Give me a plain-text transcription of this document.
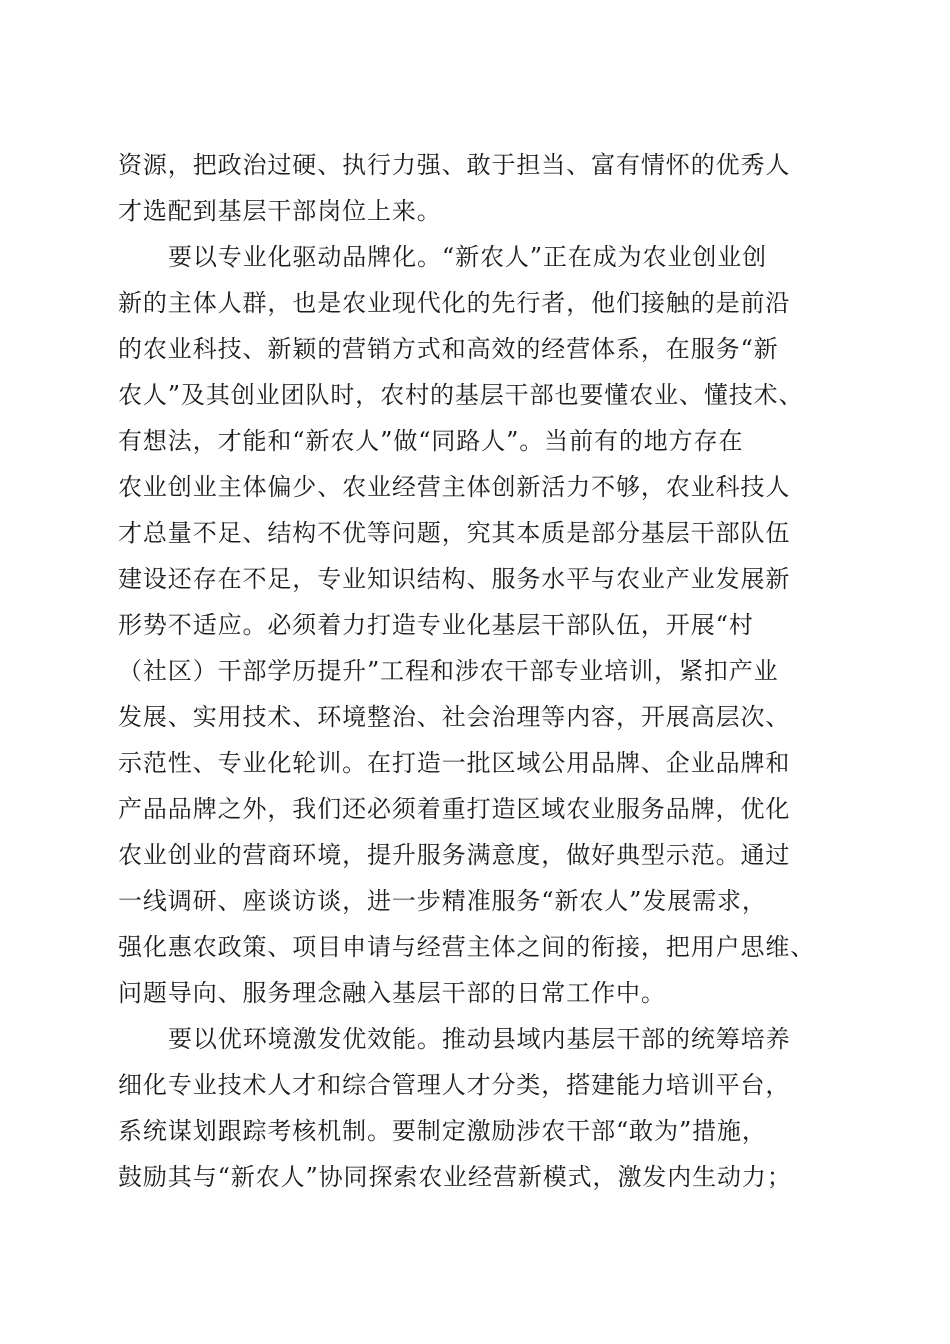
资源，把政治过硬、执行力强、敢于担当、富有情怀的优秀人
才选配到基层干部岗位上来。
要以专业化驱动品牌化。“新农人”正在成为农业创业创
新的主体人群，也是农业现代化的先行者，他们接触的是前沿
的农业科技、新颖的营销方式和高效的经营体系，在服务“新
农人”及其创业团队时，农村的基层干部也要懂农业、懂技术、
有想法，才能和“新农人”做“同路人”。当前有的地方存在
农业创业主体偏少、农业经营主体创新活力不够，农业科技人
才总量不足、结构不优等问题，究其本质是部分基层干部队伍
建设还存在不足，专业知识结构、服务水平与农业产业发展新
形势不适应。必须着力打造专业化基层干部队伍，开展“村
（社区）干部学历提升”工程和涉农干部专业培训，紧扣产业
发展、实用技术、环境整治、社会治理等内容，开展高层次、
示范性、专业化轮训。在打造一批区域公用品牌、企业品牌和
产品品牌之外，我们还必须着重打造区域农业服务品牌，优化
农业创业的营商环境，提升服务满意度，做好典型示范。通过
一线调研、座谈访谈，进一步精准服务“新农人”发展需求，
强化惠农政策、项目申请与经营主体之间的衔接，把用户思维、
问题导向、服务理念融入基层干部的日常工作中。
要以优环境激发优效能。推动县域内基层干部的统筹培养
细化专业技术人才和综合管理人才分类，搭建能力培训平台，
系统谋划跟踪考核机制。要制定激励涉农干部“敢为”措施，
鼓励其与“新农人”协同探索农业经营新模式，激发内生动力；
